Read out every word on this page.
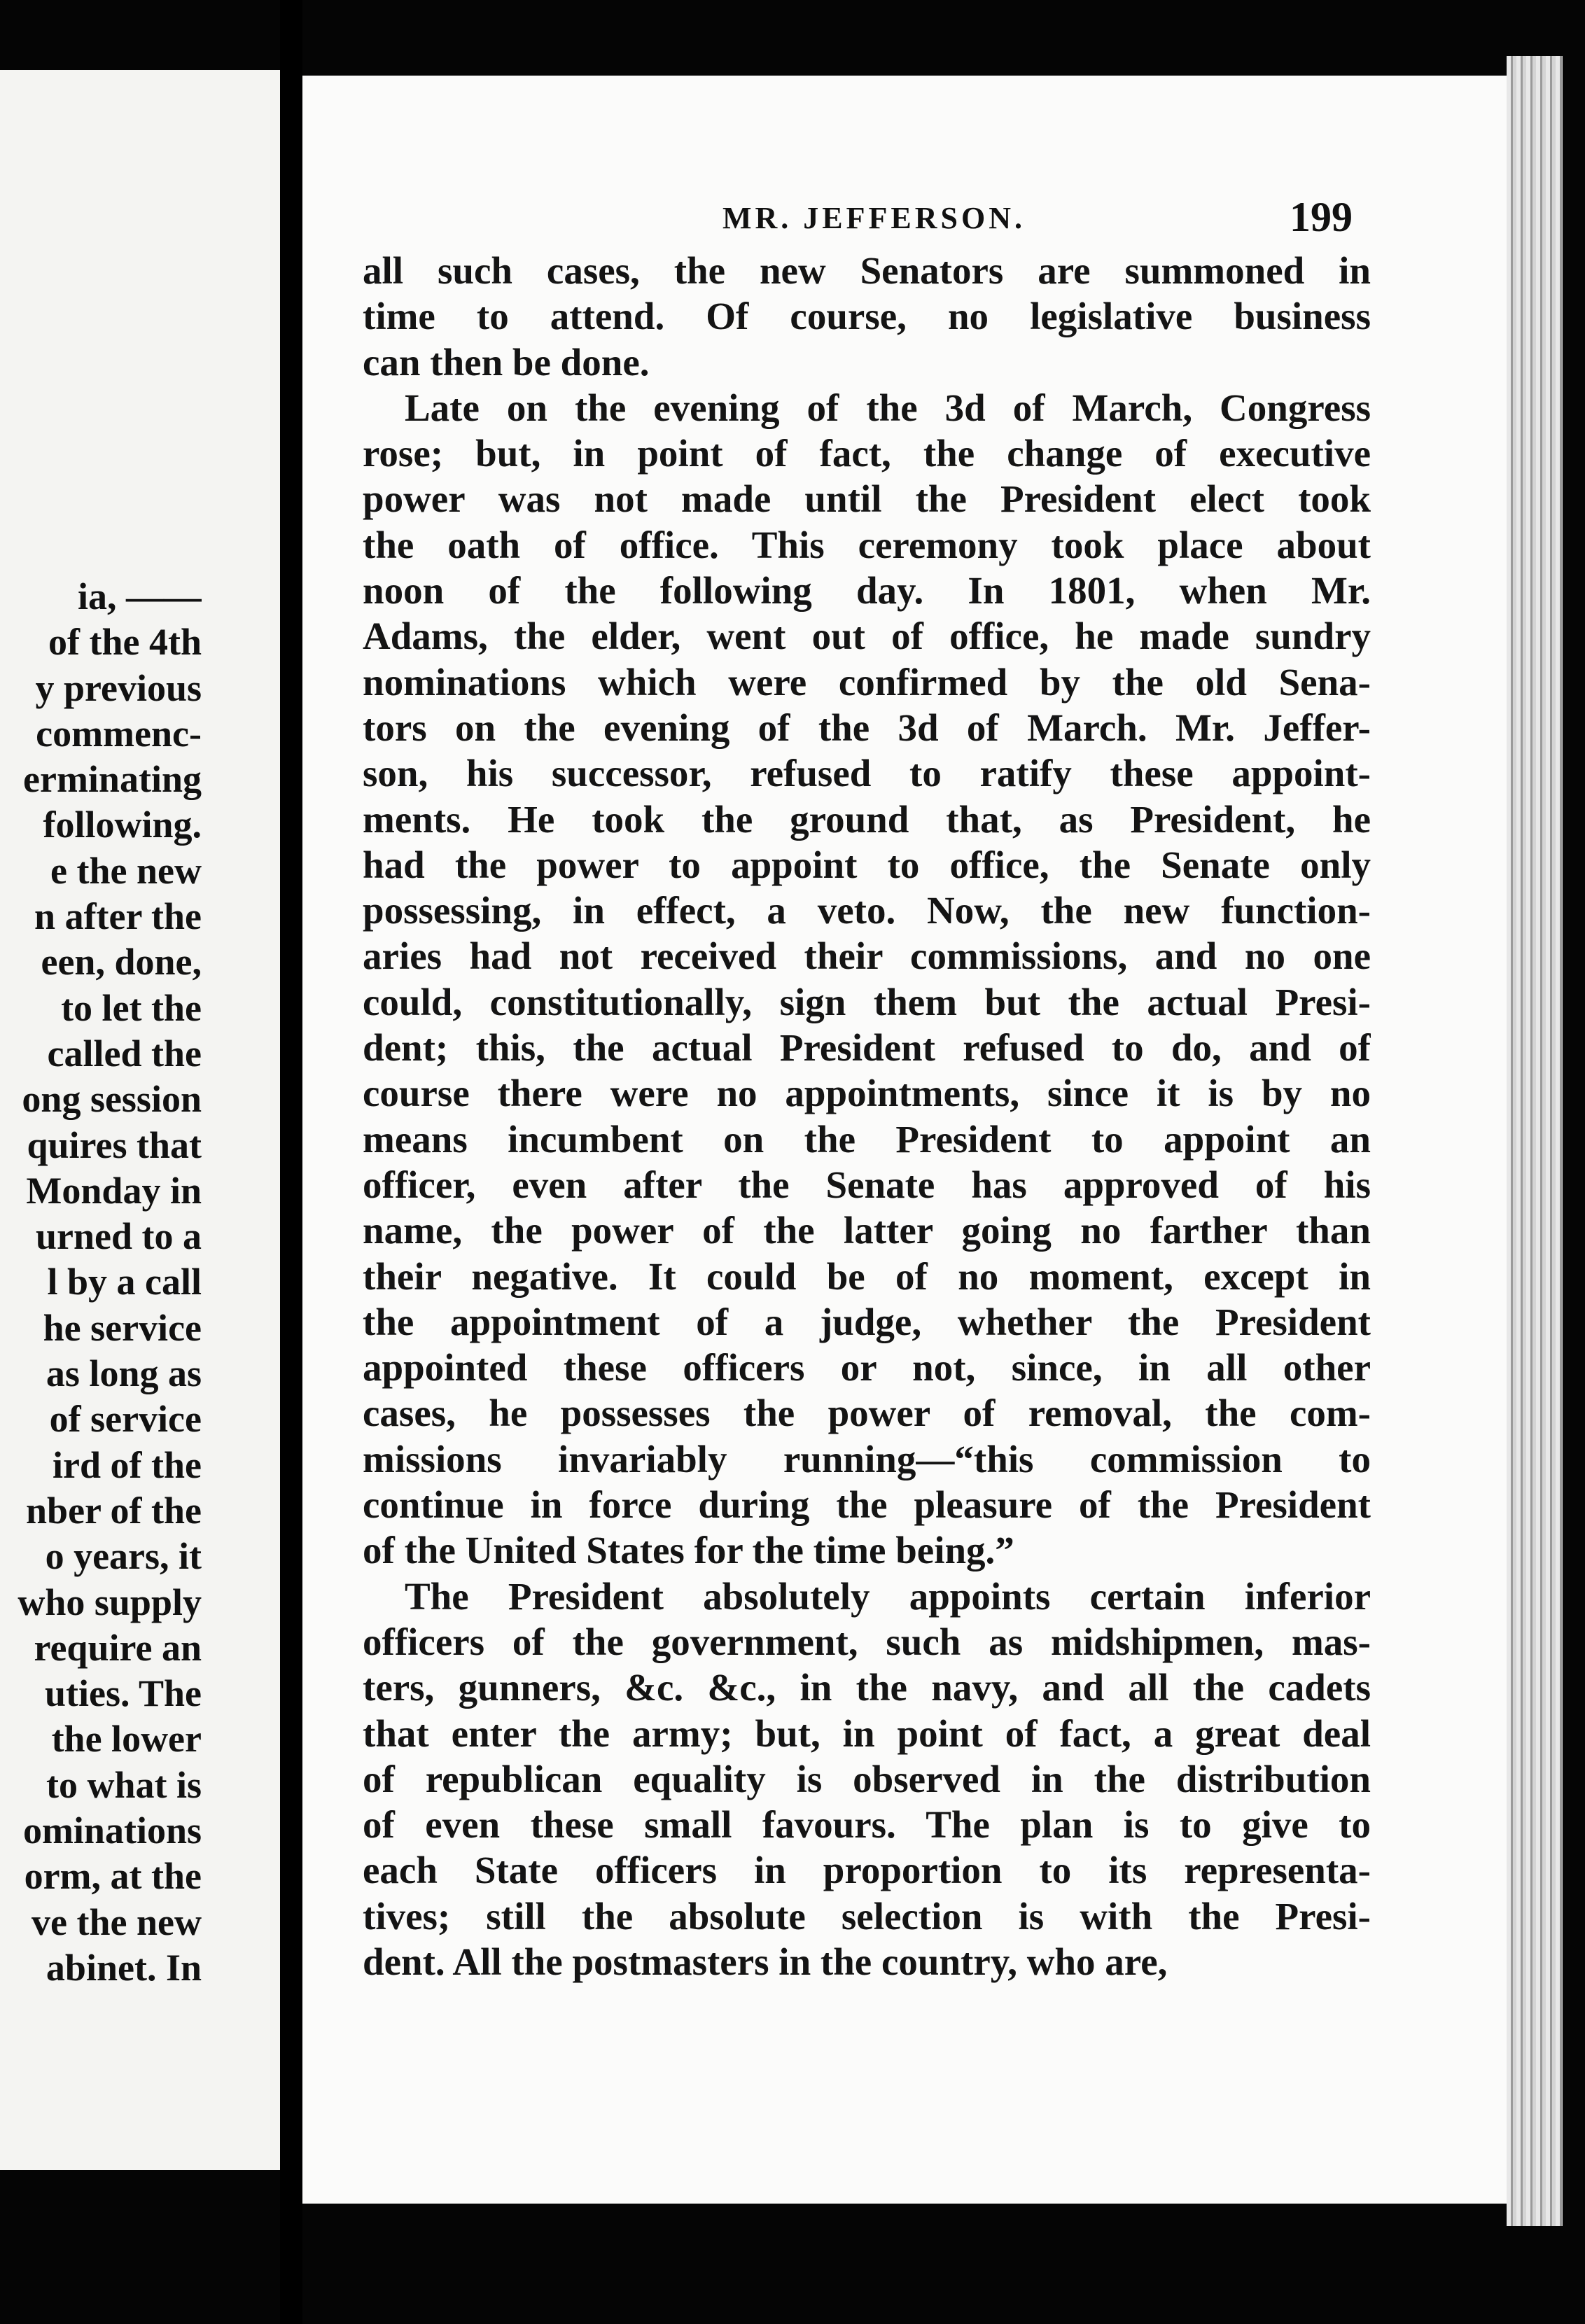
ia, ——
of the 4th
y previous
commenc-
erminating
following.
e the new
n after the
een, done,
to let the
called the
ong session
quires that
Monday in
urned to a
l by a call
he service
as long as
of service
ird of the
nber of the
o years, it
who supply
require an
uties. The
the lower
to what is
ominations
orm, at the
ve the new
abinet. In
MR. JEFFERSON.	199
all such cases, the new Senators are summoned in
time to attend. Of course, no legislative business
can then be done.
Late on the evening of the 3d of March, Congress
rose; but, in point of fact, the change of executive
power was not made until the President elect took
the oath of office. This ceremony took place about
noon of the following day. In 1801, when Mr.
Adams, the elder, went out of office, he made sundry
nominations which were confirmed by the old Sena-
tors on the evening of the 3d of March. Mr. Jeffer-
son, his successor, refused to ratify these appoint-
ments. He took the ground that, as President, he
had the power to appoint to office, the Senate only
possessing, in effect, a veto. Now, the new function-
aries had not received their commissions, and no one
could, constitutionally, sign them but the actual Presi-
dent; this, the actual President refused to do, and of
course there were no appointments, since it is by no
means incumbent on the President to appoint an
officer, even after the Senate has approved of his
name, the power of the latter going no farther than
their negative. It could be of no moment, except in
the appointment of a judge, whether the President
appointed these officers or not, since, in all other
cases, he possesses the power of removal, the com-
missions invariably running—“this commission to
continue in force during the pleasure of the President
of the United States for the time being.”
The President absolutely appoints certain inferior
officers of the government, such as midshipmen, mas-
ters, gunners, &c. &c., in the navy, and all the cadets
that enter the army; but, in point of fact, a great deal
of republican equality is observed in the distribution
of even these small favours. The plan is to give to
each State officers in proportion to its representa-
tives; still the absolute selection is with the Presi-
dent. All the postmasters in the country, who are,
